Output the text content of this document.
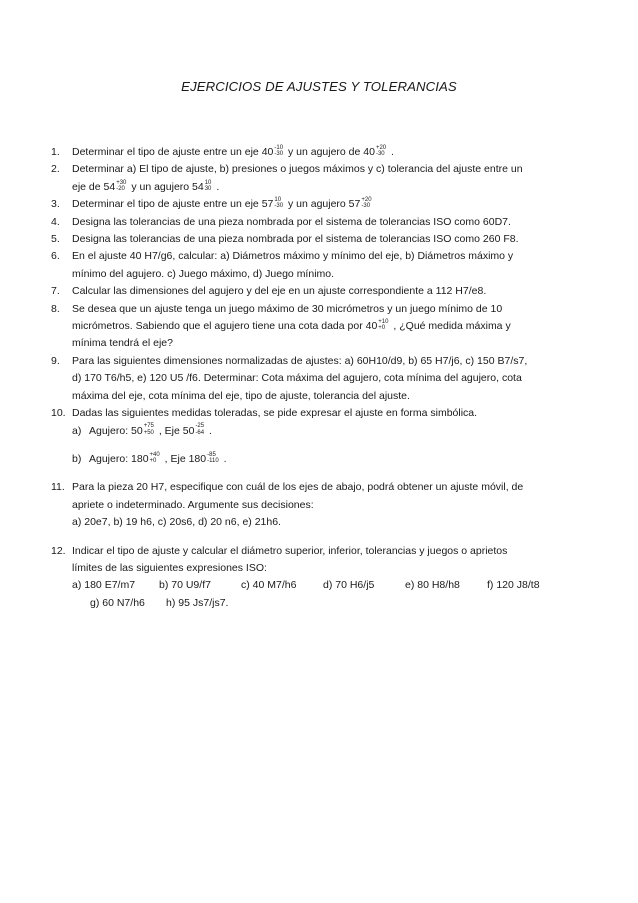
EJERCICIOS DE AJUSTES Y TOLERANCIAS
1.	Determinar el tipo de ajuste entre un eje 40 -10
-30 y un agujero de 40 +20
-30 .
2.	Determinar a) El tipo de ajuste, b) presiones o juegos máximos y c) tolerancia del ajuste entre un
eje de 54 +30
-20 y un agujero 54 10
30 .
3.	Determinar el tipo de ajuste entre un eje 57 10
-30 y un agujero 57 +20
-30
4.	Designa las tolerancias de una pieza nombrada por el sistema de tolerancias ISO como 60D7.
5.	Designa las tolerancias de una pieza nombrada por el sistema de tolerancias ISO como 260 F8.
6.	En el ajuste 40 H7/g6, calcular: a) Diámetros máximo y mínimo del eje, b) Diámetros máximo y
mínimo del agujero. c) Juego máximo, d) Juego mínimo.
7.	Calcular las dimensiones del agujero y del eje en un ajuste correspondiente a 112 H7/e8.
8.	Se desea que un ajuste tenga un juego máximo de 30 micrómetros y un juego mínimo de 10
micrómetros. Sabiendo que el agujero tiene una cota dada por 40 +10
+0 , ¿Qué medida máxima y
mínima tendrá el eje?
9.	Para las siguientes dimensiones normalizadas de ajustes: a) 60H10/d9, b) 65 H7/j6, c) 150 B7/s7,
d) 170 T6/h5, e) 120 U5 /f6. Determinar: Cota máxima del agujero, cota mínima del agujero, cota
máxima del eje, cota mínima del eje, tipo de ajuste, tolerancia del ajuste.
10. Dadas las siguientes medidas toleradas, se pide expresar el ajuste en forma simbólica.
a) Agujero: 50 +75
+50 , Eje 50 -25
-64 .
b) Agujero: 180 +40
+0 , Eje 180 -85
-110 .
11. Para la pieza 20 H7, especifique con cuál de los ejes de abajo, podrá obtener un ajuste móvil, de
apriete o indeterminado. Argumente sus decisiones:
a) 20e7, b) 19 h6, c) 20s6, d) 20 n6, e) 21h6.
12. Indicar el tipo de ajuste y calcular el diámetro superior, inferior, tolerancias y juegos o aprietos
límites de las siguientes expresiones ISO:
a) 180 E7/m7 b) 70 U9/f7	c) 40 M7/h6	d) 70 H6/j5	e) 80 H8/h8	f) 120 J8/t8
g) 60 N7/h6 h) 95 Js7/js7.
